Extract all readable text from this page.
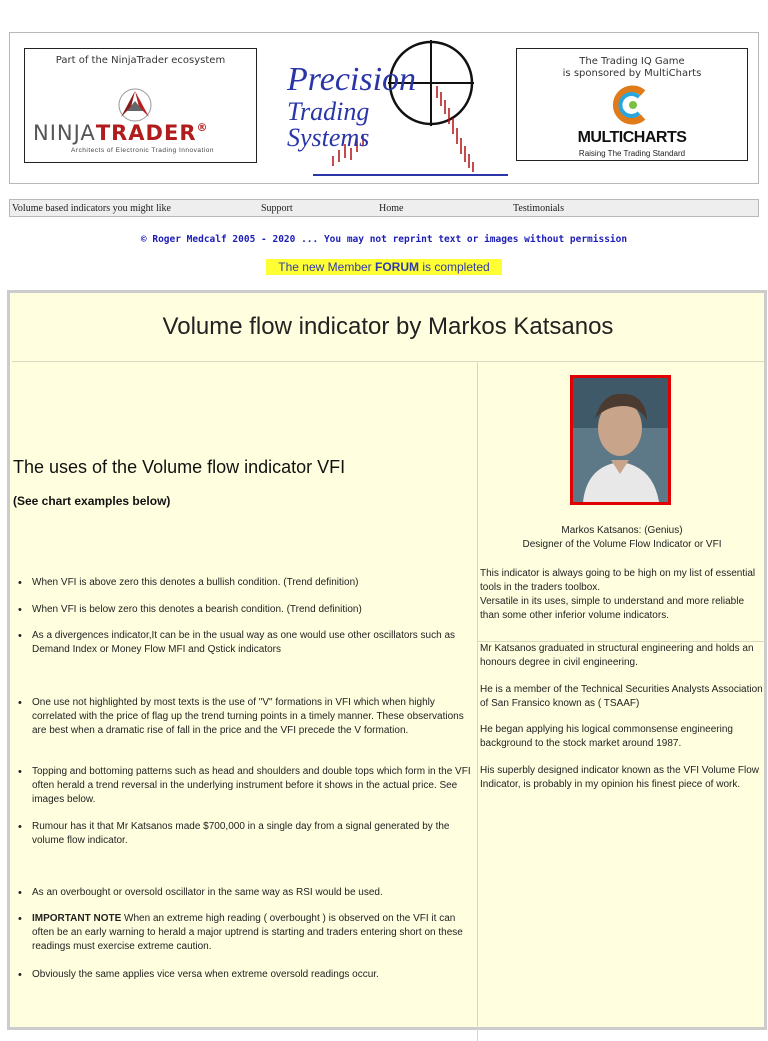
Part of the NinjaTrader ecosystem
NINJATRADER®
Architects of Electronic Trading Innovation
Precision
Trading
Systems
The Trading IQ Game
is sponsored by MultiCharts
MULTICHARTS
Raising The Trading Standard
Volume based indicators you might like	Support	Home	Testimonials
© Roger Medcalf 2005 - 2020 ... You may not reprint text or images without permission
The new Member FORUM is completed
Volume flow indicator by Markos Katsanos
The uses of the Volume flow indicator VFI
(See chart examples below)
• When VFI is above zero this denotes a bullish condition. (Trend definition)
• When VFI is below zero this denotes a bearish condition. (Trend definition)
• As a divergences indicator,It can be in the usual way as one would use other oscillators such as Demand Index or Money Flow MFI and Qstick indicators
• One use not highlighted by most texts is the use of "V" formations in VFI which when highly correlated with the price of flag up the trend turning points in a timely manner. These observations are best when a dramatic rise of fall in the price and the VFI precede the V formation.
• Topping and bottoming patterns such as head and shoulders and double tops which form in the VFI often herald a trend reversal in the underlying instrument before it shows in the actual price. See images below.
• Rumour has it that Mr Katsanos made $700,000 in a single day from a signal generated by the volume flow indicator.
• As an overbought or oversold oscillator in the same way as RSI would be used.
• IMPORTANT NOTE When an extreme high reading ( overbought ) is observed on the VFI it can often be an early warning to herald a major uptrend is starting and traders entering short on these readings must exercise extreme caution.
• Obviously the same applies vice versa when extreme oversold readings occur.
Markos Katsanos: (Genius)
Designer of the Volume Flow Indicator or VFI
This indicator is always going to be high on my list of essential tools in the traders toolbox.
Versatile in its uses, simple to understand and more reliable than some other inferior volume indicators.
Mr Katsanos graduated in structural engineering and holds an honours degree in civil engineering.
He is a member of the Technical Securities Analysts Association of San Fransico known as ( TSAAF)
He began applying his logical commonsense engineering background to the stock market around 1987.
His superbly designed indicator known as the VFI Volume Flow Indicator, is probably in my opinion his finest piece of work.
